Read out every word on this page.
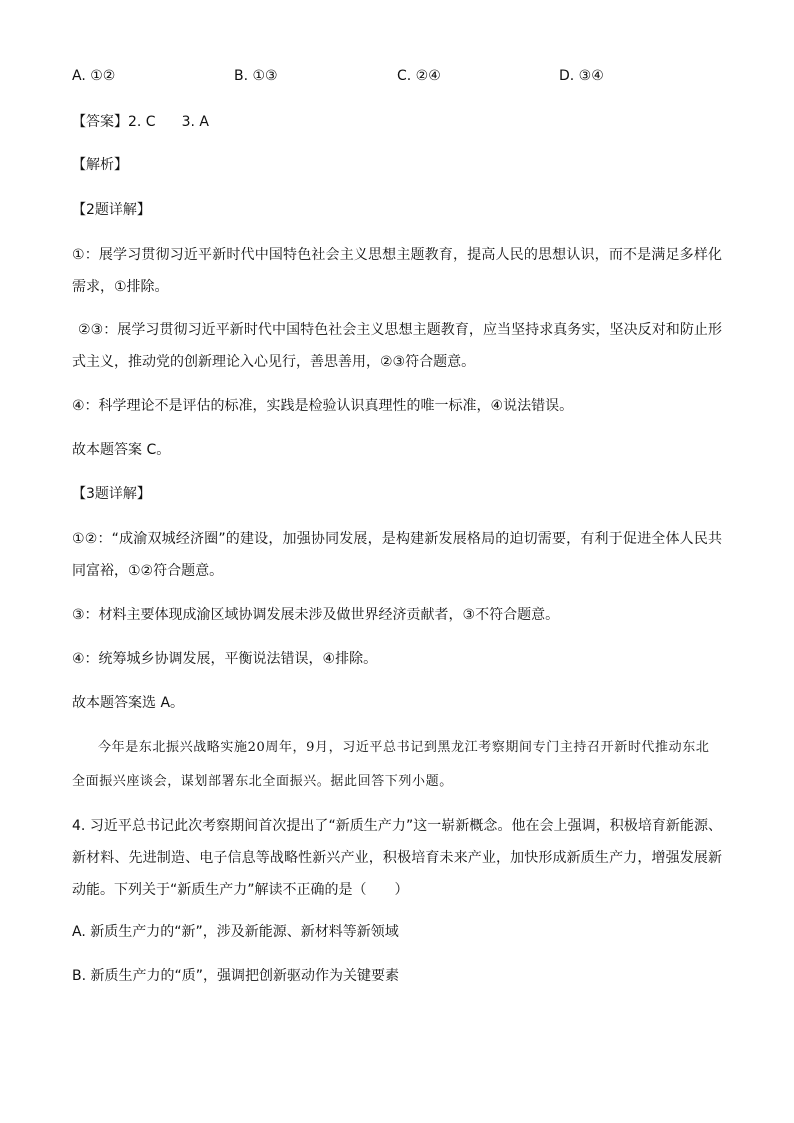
A. ①②	B. ①③	C. ②④	D. ③④
【答案】2. C 3. A
【解析】
【2题详解】
①：展学习贯彻习近平新时代中国特色社会主义思想主题教育，提高人民的思想认识，而不是满足多样化需求，①排除。
②③：展学习贯彻习近平新时代中国特色社会主义思想主题教育，应当坚持求真务实，坚决反对和防止形式主义，推动党的创新理论入心见行，善思善用，②③符合题意。
④：科学理论不是评估的标准，实践是检验认识真理性的唯一标准，④说法错误。
故本题答案 C。
【3题详解】
①②：“成渝双城经济圈”的建设，加强协同发展，是构建新发展格局的迫切需要，有利于促进全体人民共同富裕，①②符合题意。
③：材料主要体现成渝区域协调发展未涉及做世界经济贡献者，③不符合题意。
④：统筹城乡协调发展，平衡说法错误，④排除。
故本题答案选 A。
今年是东北振兴战略实施20周年，9月，习近平总书记到黑龙江考察期间专门主持召开新时代推动东北全面振兴座谈会，谋划部署东北全面振兴。据此回答下列小题。
4. 习近平总书记此次考察期间首次提出了“新质生产力”这一崭新概念。他在会上强调，积极培育新能源、新材料、先进制造、电子信息等战略性新兴产业，积极培育未来产业，加快形成新质生产力，增强发展新动能。下列关于“新质生产力”解读不正确的是（　　）
A. 新质生产力的“新”，涉及新能源、新材料等新领域
B. 新质生产力的“质”，强调把创新驱动作为关键要素
